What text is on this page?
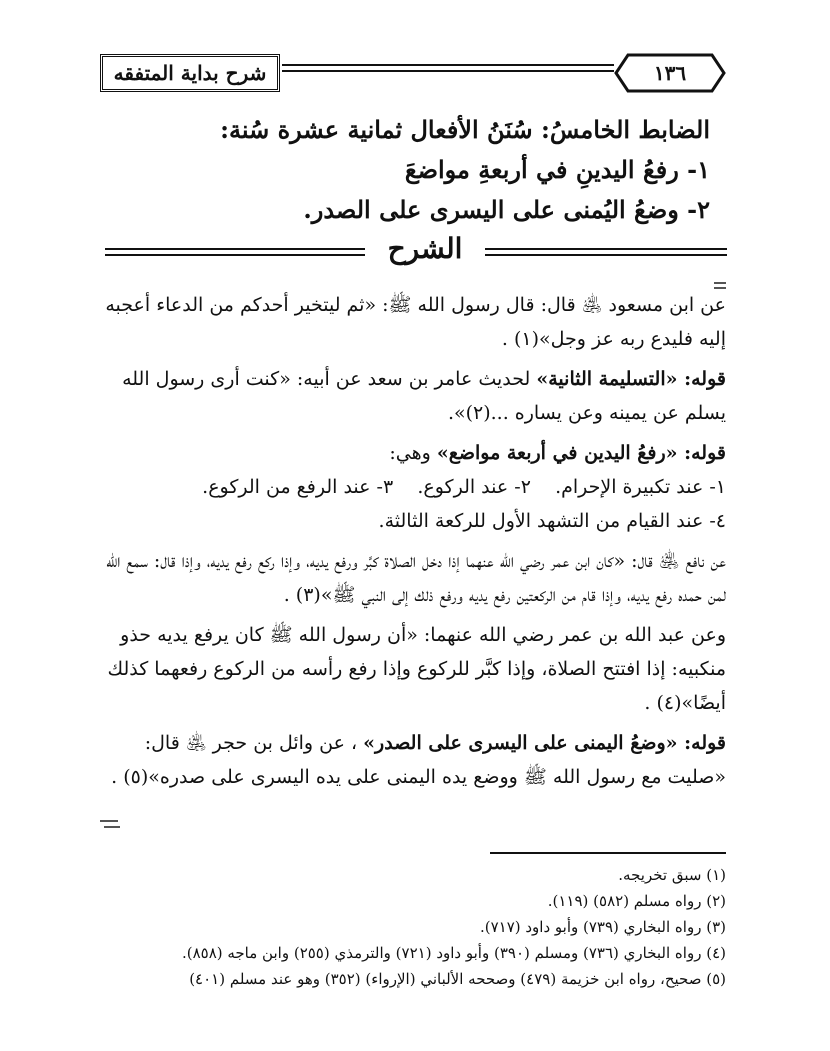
شرح بداية المتفقه	١٣٦
الضابط الخامسُ: سُنَنُ الأفعال ثمانية عشرة سُنة:
١- رفعُ اليدينِ في أربعةِ مواضعَ
٢- وضعُ اليُمنى على اليسرى على الصدر.
الشرح

عن ابن مسعود ﵁ قال: قال رسول الله ﷺ: «ثم ليتخير أحدكم من الدعاء أعجبه إليه فليدع ربه عز وجل»(١) .

قوله: «التسليمة الثانية» لحديث عامر بن سعد عن أبيه: «كنت أرى رسول الله يسلم عن يمينه وعن يساره ...(٢)».

قوله: «رفعُ اليدين في أربعة مواضع» وهي:

١- عند تكبيرة الإحرام.    ٢- عند الركوع.    ٣- عند الرفع من الركوع.

٤- عند القيام من التشهد الأول للركعة الثالثة.

عن نافع ﵁ قال: «كان ابن عمر رضي الله عنهما إذا دخل الصلاة كبَّر ورفع يديه، وإذا ركع رفع يديه، وإذا قال: سمع الله لمن حمده رفع يديه، وإذا قام من الركعتين رفع يديه ورفع ذلك إلى النبي ﷺ»(٣) .

وعن عبد الله بن عمر رضي الله عنهما: «أن رسول الله ﷺ كان يرفع يديه حذو منكبيه: إذا افتتح الصلاة، وإذا كبَّر للركوع وإذا رفع رأسه من الركوع رفعهما كذلك أيضًا»(٤) .

قوله: «وضعُ اليمنى على اليسرى على الصدر» ، عن وائل بن حجر ﵁ قال: «صليت مع رسول الله ﷺ ووضع يده اليمنى على يده اليسرى على صدره»(٥) .

(١) سبق تخريجه.

(٢) رواه مسلم (٥٨٢) (١١٩).

(٣) رواه البخاري (٧٣٩) وأبو داود (٧١٧).

(٤) رواه البخاري (٧٣٦) ومسلم (٣٩٠) وأبو داود (٧٢١) والترمذي (٢٥٥) وابن ماجه (٨٥٨).

(٥) صحيح، رواه ابن خزيمة (٤٧٩) وصححه الألباني (الإرواء) (٣٥٢) وهو عند مسلم (٤٠١)
